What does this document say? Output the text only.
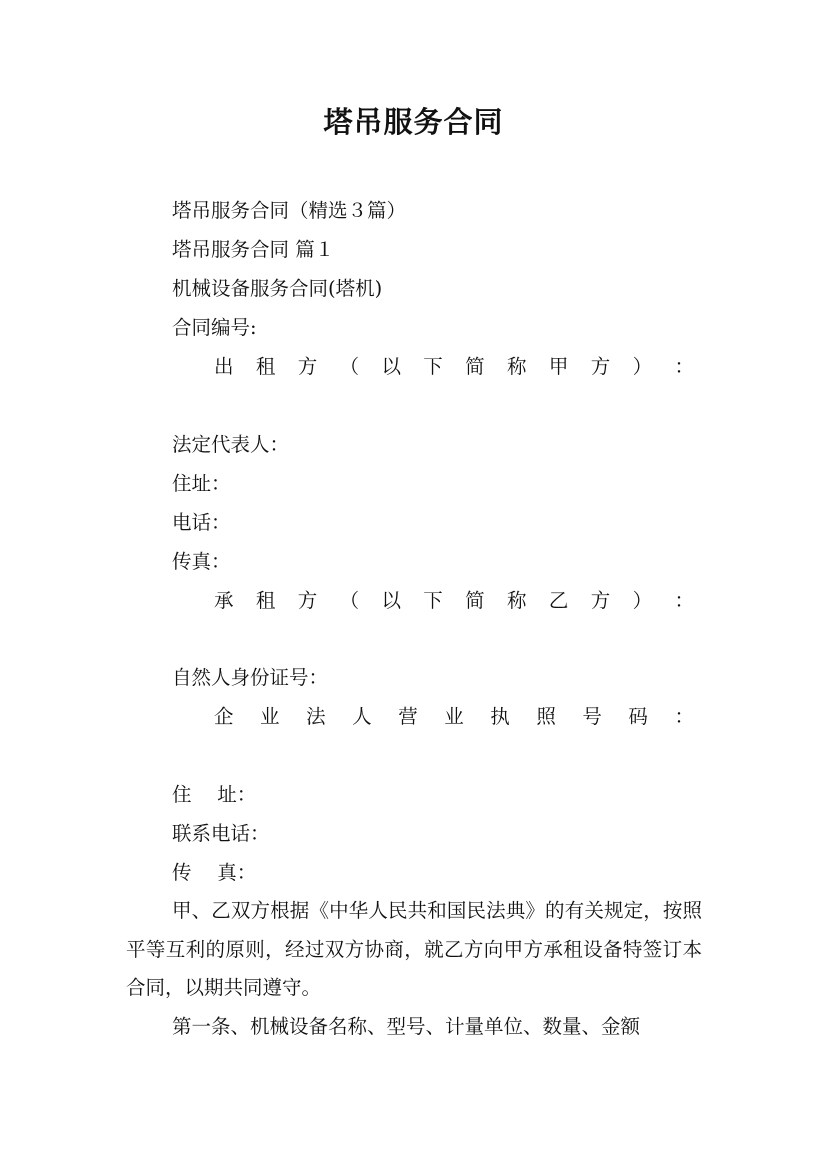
塔吊服务合同
塔吊服务合同（精选３篇）
塔吊服务合同 篇１
机械设备服务合同(塔机)
合同编号:
出 租 方 （ 以 下 简 称 甲 方 ） ：
法定代表人：
住址：
电话：
传真：
承 租 方 （ 以 下 简 称 乙 方 ） ：
自然人身份证号：
企 业 法 人 营 业 执 照 号 码 ：
住　 址：
联系电话：
传　 真：
甲、乙双方根据《中华人民共和国民法典》的有关规定，按照平等互利的原则，经过双方协商，就乙方向甲方承租设备特签订本合同，以期共同遵守。
第一条、机械设备名称、型号、计量单位、数量、金额
